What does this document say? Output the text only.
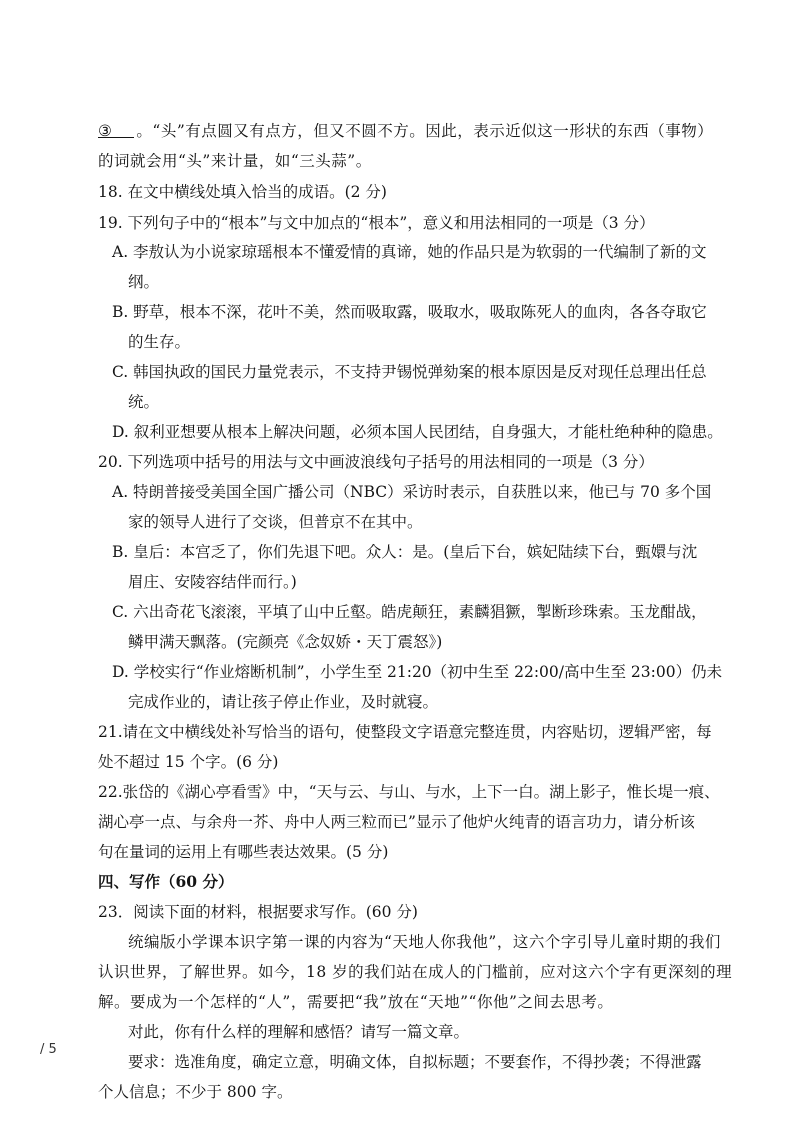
③ 。“头”有点圆又有点方，但又不圆不方。因此，表示近似这一形状的东西（事物）
的词就会用“头”来计量，如“三头蒜”。
18. 在文中横线处填入恰当的成语。(2 分)
19. 下列句子中的“根本”与文中加点的“根本”，意义和用法相同的一项是（3 分）
A. 李敖认为小说家琼瑶根本不懂爱情的真谛，她的作品只是为软弱的一代编制了新的文
纲。
B. 野草，根本不深，花叶不美，然而吸取露，吸取水，吸取陈死人的血肉，各各夺取它
的生存。
C. 韩国执政的国民力量党表示，不支持尹锡悦弹劾案的根本原因是反对现任总理出任总
统。
D. 叙利亚想要从根本上解决问题，必须本国人民团结，自身强大，才能杜绝种种的隐患。
20. 下列选项中括号的用法与文中画波浪线句子括号的用法相同的一项是（3 分）
A. 特朗普接受美国全国广播公司（NBC）采访时表示，自获胜以来，他已与 70 多个国
家的领导人进行了交谈，但普京不在其中。
B. 皇后：本宫乏了，你们先退下吧。众人：是。(皇后下台，嫔妃陆续下台，甄嬛与沈
眉庄、安陵容结伴而行。)
C. 六出奇花飞滚滚，平填了山中丘壑。皓虎颠狂，素麟猖獗，掣断珍珠索。玉龙酣战，
鳞甲满天飘落。(完颜亮《念奴娇・天丁震怒》)
D. 学校实行“作业熔断机制”，小学生至 21:20（初中生至 22:00/高中生至 23:00）仍未
完成作业的，请让孩子停止作业，及时就寝。
21.请在文中横线处补写恰当的语句，使整段文字语意完整连贯，内容贴切，逻辑严密，每
处不超过 15 个字。(6 分)
22.张岱的《湖心亭看雪》中，“天与云、与山、与水，上下一白。湖上影子，惟长堤一痕、
湖心亭一点、与余舟一芥、舟中人两三粒而已”显示了他炉火纯青的语言功力，请分析该
句在量词的运用上有哪些表达效果。(5 分)
四、写作（60 分）
23．阅读下面的材料，根据要求写作。(60 分)
统编版小学课本识字第一课的内容为“天地人你我他”，这六个字引导儿童时期的我们
认识世界，了解世界。如今，18 岁的我们站在成人的门槛前，应对这六个字有更深刻的理
解。要成为一个怎样的“人”，需要把“我”放在“天地”“你他”之间去思考。
对此，你有什么样的理解和感悟？请写一篇文章。
要求：选准角度，确定立意，明确文体，自拟标题；不要套作，不得抄袭；不得泄露
个人信息；不少于 800 字。
/ 5
